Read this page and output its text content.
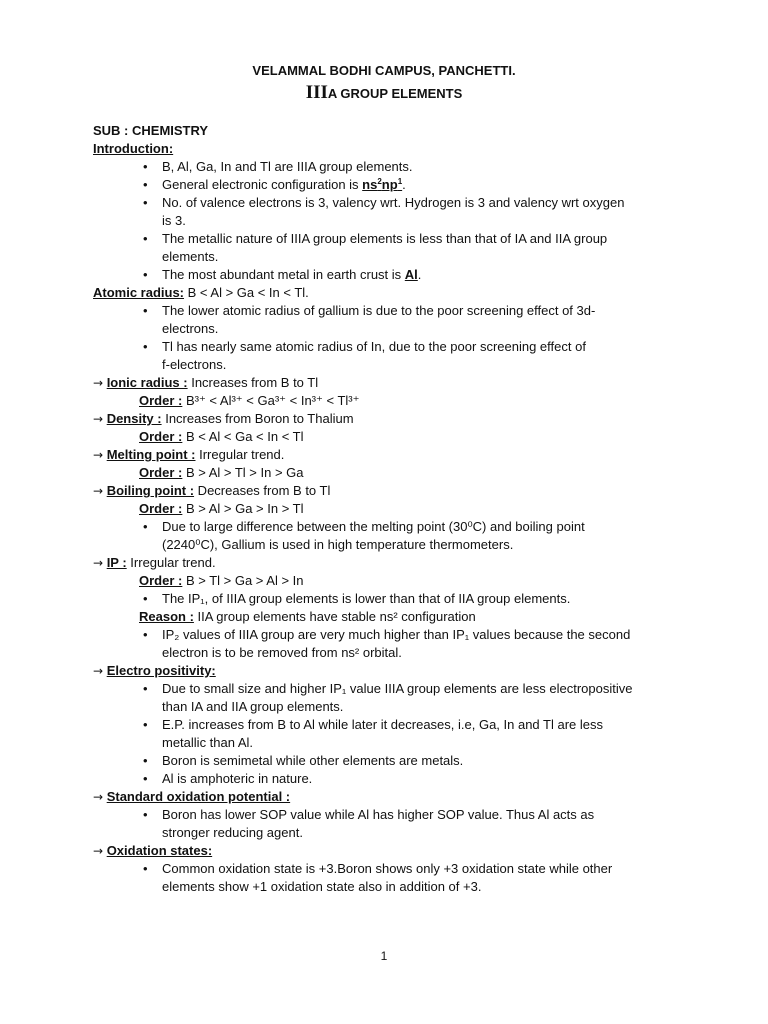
VELAMMAL BODHI CAMPUS, PANCHETTI.
IIIA GROUP ELEMENTS
SUB : CHEMISTRY
Introduction:
•	B, Al, Ga, In and Tl are IIIA group elements.
•	General electronic configuration is $ns^2np^1$.
•	No. of valence electrons is 3, valency wrt. Hydrogen is 3 and valency wrt oxygen
is 3.
•	The metallic nature of IIIA group elements is less than that of IA and IIA group
elements.
•	The most abundant metal in earth crust is Al.
Atomic radius: B < Al > Ga < In < Tl.
•	The lower atomic radius of gallium is due to the poor screening effect of 3d-
electrons.
•	Tl has nearly same atomic radius of In, due to the poor screening effect of
f-electrons.
→ Ionic radius : Increases from B to Tl
Order : B³⁺ < Al³⁺ < Ga³⁺ < In³⁺ < Tl³⁺
→ Density : Increases from Boron to Thalium
Order : B < Al < Ga < In < Tl
→ Melting point : Irregular trend.
Order : B > Al > Tl > In > Ga
→ Boiling point : Decreases from B to Tl
Order : B > Al > Ga > In > Tl
•	Due to large difference between the melting point (30⁰C) and boiling point
(2240⁰C), Gallium is used in high temperature thermometers.
→ IP : Irregular trend.
Order : B > Tl > Ga > Al > In
•	The IP₁, of IIIA group elements is lower than that of IIA group elements.
Reason : IIA group elements have stable ns² configuration
•	IP₂ values of IIIA group are very much higher than IP₁ values because the second
electron is to be removed from ns² orbital.
→ Electro positivity:
•	Due to small size and higher IP₁ value IIIA group elements are less electropositive
than IA and IIA group elements.
•	E.P. increases from B to Al while later it decreases, i.e, Ga, In and Tl are less
metallic than Al.
•	Boron is semimetal while other elements are metals.
•	Al is amphoteric in nature.
→ Standard oxidation potential :
•	Boron has lower SOP value while Al has higher SOP value. Thus Al acts as
stronger reducing agent.
→ Oxidation states:
•	Common oxidation state is +3.Boron shows only +3 oxidation state while other
elements show +1 oxidation state also in addition of +3.
1
